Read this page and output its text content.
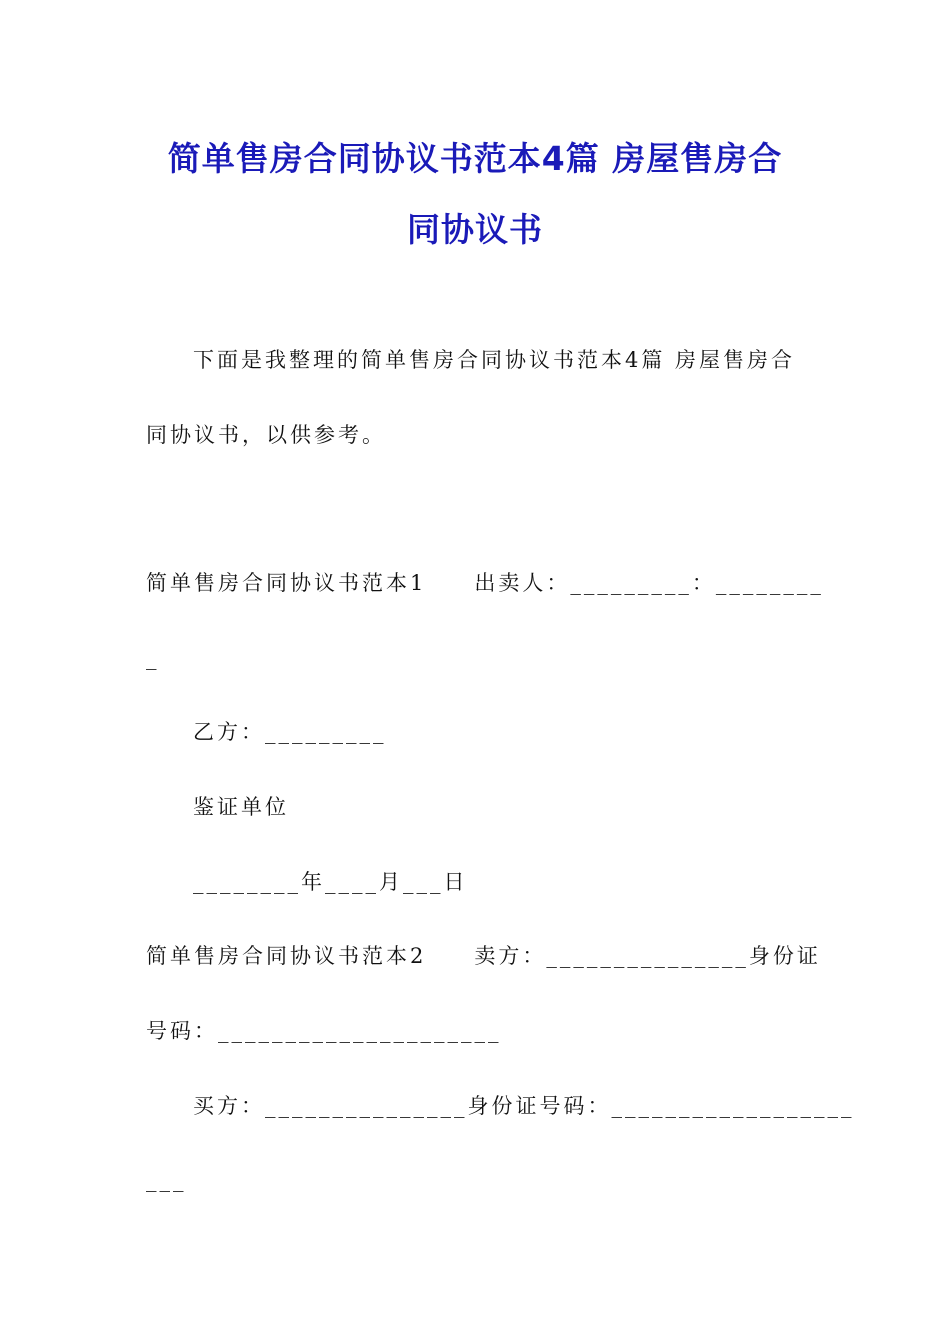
简单售房合同协议书范本4篇 房屋售房合
同协议书
下面是我整理的简单售房合同协议书范本4篇 房屋售房合
同协议书，以供参考。
简单售房合同协议书范本1　　出卖人：_________：________
_
乙方：_________
鉴证单位
________年____月___日
简单售房合同协议书范本2　　卖方：_______________身份证
号码：_____________________
买方：_______________身份证号码：__________________
___
